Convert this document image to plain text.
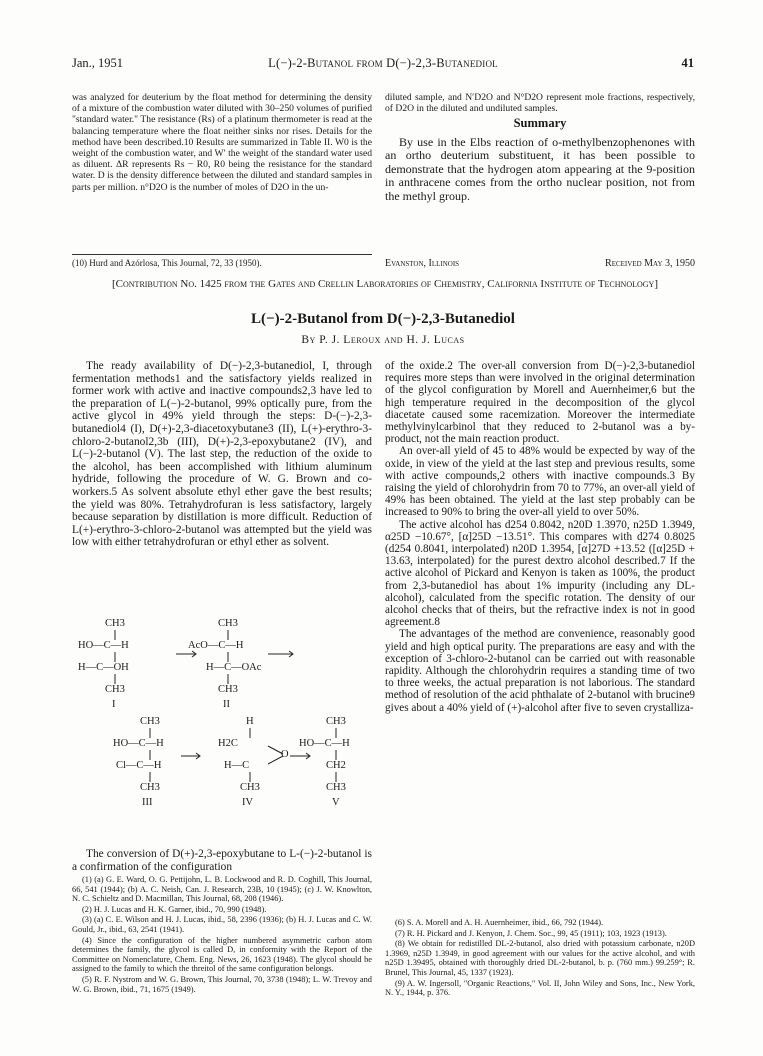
Jan., 1951	L(−)-2-Butanol from D(−)-2,3-Butanediol	41
was analyzed for deuterium by the float method for determining the density of a mixture of the combustion water diluted with 30–250 volumes of purified "standard water." The resistance (Rs) of a platinum thermometer is read at the balancing temperature where the float neither sinks nor rises. Details for the method have been described.10 Results are summarized in Table II. W0 is the weight of the combustion water, and W′ the weight of the standard water used as diluent. ΔR represents Rs − R0, R0 being the resistance for the standard water. D is the density difference between the diluted and standard samples in parts per million. n°D2O is the number of moles of D2O in the un-
(10) Hurd and Azórlosa, This Journal, 72, 33 (1950).
diluted sample, and N′D2O and N°D2O represent mole fractions, respectively, of D2O in the diluted and undiluted samples.
Summary
By use in the Elbs reaction of o-methylbenzophenones with an ortho deuterium substituent, it has been possible to demonstrate that the hydrogen atom appearing at the 9-position in anthracene comes from the ortho nuclear position, not from the methyl group.
Evanston, Illinois	Received May 3, 1950
[Contribution No. 1425 from the Gates and Crellin Laboratories of Chemistry, California Institute of Technology]
L(−)-2-Butanol from D(−)-2,3-Butanediol
By P. J. Leroux and H. J. Lucas

The ready availability of D(−)-2,3-butanediol, I, through fermentation methods1 and the satisfactory yields realized in former work with active and inactive compounds2,3 have led to the preparation of L(−)-2-butanol, 99% optically pure, from the active glycol in 49% yield through the steps: D-(−)-2,3-butanediol4 (I), D(+)-2,3-diacetoxybutane3 (II), L(+)-erythro-3-chloro-2-butanol2,3b (III), D(+)-2,3-epoxybutane2 (IV), and L(−)-2-butanol (V). The last step, the reduction of the oxide to the alcohol, has been accomplished with lithium aluminum hydride, following the procedure of W. G. Brown and co-workers.5 As solvent absolute ethyl ether gave the best results; the yield was 80%. Tetrahydrofuran is less satisfactory, largely because separation by distillation is more difficult. Reduction of L(+)-erythro-3-chloro-2-butanol was attempted but the yield was low with either tetrahydrofuran or ethyl ether as solvent.

CH3
HO—C—H
H—C—OH
CH3
I
CH3
AcO—C—H
H—C—OAc
CH3
II
CH3
HO—C—H
Cl—C—H
CH3
III
H
H2C
H—C
O
CH3
IV
CH3
HO—C—H
CH2
CH3
V

The conversion of D(+)-2,3-epoxybutane to L-(−)-2-butanol is a confirmation of the configuration

(1) (a) G. E. Ward, O. G. Pettijohn, L. B. Lockwood and R. D. Coghill, This Journal, 66, 541 (1944); (b) A. C. Neish, Can. J. Research, 23B, 10 (1945); (c) J. W. Knowlton, N. C. Schieltz and D. Macmillan, This Journal, 68, 208 (1946).

(2) H. J. Lucas and H. K. Garner, ibid., 70, 990 (1948).

(3) (a) C. E. Wilson and H. J. Lucas, ibid., 58, 2396 (1936); (b) H. J. Lucas and C. W. Gould, Jr., ibid., 63, 2541 (1941).

(4) Since the configuration of the higher numbered asymmetric carbon atom determines the family, the glycol is called D, in conformity with the Report of the Committee on Nomenclature, Chem. Eng. News, 26, 1623 (1948). The glycol should be assigned to the family to which the threitol of the same configuration belongs.

(5) R. F. Nystrom and W. G. Brown, This Journal, 70, 3738 (1948); L. W. Trevoy and W. G. Brown, ibid., 71, 1675 (1949).

of the oxide.2 The over-all conversion from D(−)-2,3-butanediol requires more steps than were involved in the original determination of the glycol configuration by Morell and Auernheimer,6 but the high temperature required in the decomposition of the glycol diacetate caused some racemization. Moreover the intermediate methylvinylcarbinol that they reduced to 2-butanol was a by-product, not the main reaction product.

An over-all yield of 45 to 48% would be expected by way of the oxide, in view of the yield at the last step and previous results, some with active compounds,2 others with inactive compounds.3 By raising the yield of chlorohydrin from 70 to 77%, an over-all yield of 49% has been obtained. The yield at the last step probably can be increased to 90% to bring the over-all yield to over 50%.

The active alcohol has d254 0.8042, n20D 1.3970, n25D 1.3949, α25D −10.67°, [α]25D −13.51°. This compares with d274 0.8025 (d254 0.8041, interpolated) n20D 1.3954, [α]27D +13.52 ([α]25D + 13.63, interpolated) for the purest dextro alcohol described.7 If the active alcohol of Pickard and Kenyon is taken as 100%, the product from 2,3-butanediol has about 1% impurity (including any DL-alcohol), calculated from the specific rotation. The density of our alcohol checks that of theirs, but the refractive index is not in good agreement.8

The advantages of the method are convenience, reasonably good yield and high optical purity. The preparations are easy and with the exception of 3-chloro-2-butanol can be carried out with reasonable rapidity. Although the chlorohydrin requires a standing time of two to three weeks, the actual preparation is not laborious. The standard method of resolution of the acid phthalate of 2-butanol with brucine9 gives about a 40% yield of (+)-alcohol after five to seven crystalliza-

(6) S. A. Morell and A. H. Auernheimer, ibid., 66, 792 (1944).

(7) R. H. Pickard and J. Kenyon, J. Chem. Soc., 99, 45 (1911); 103, 1923 (1913).

(8) We obtain for redistilled DL-2-butanol, also dried with potassium carbonate, n20D 1.3969, n25D 1.3949, in good agreement with our values for the active alcohol, and with n25D 1.39495, obtained with thoroughly dried DL-2-butanol, b. p. (760 mm.) 99.259°; R. Brunel, This Journal, 45, 1337 (1923).

(9) A. W. Ingersoll, "Organic Reactions," Vol. II, John Wiley and Sons, Inc., New York, N. Y., 1944, p. 376.
